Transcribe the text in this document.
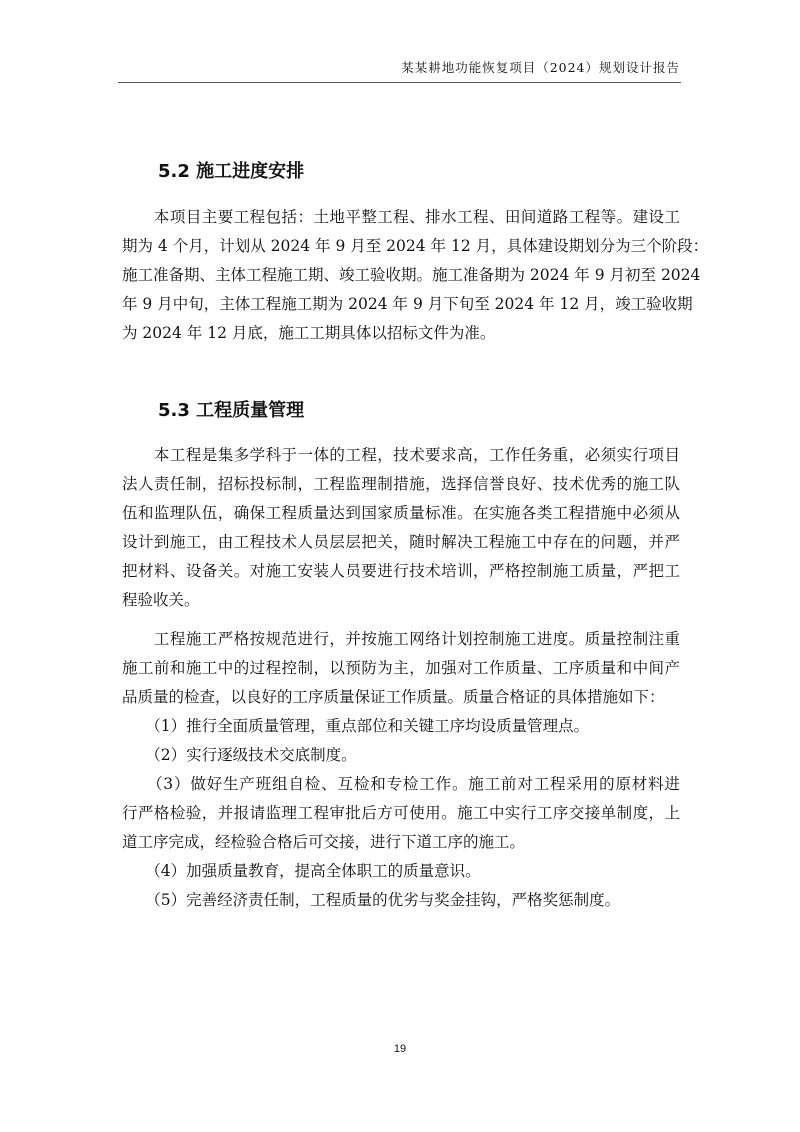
某某耕地功能恢复项目（2024）规划设计报告
5.2 施工进度安排
　　本项目主要工程包括：土地平整工程、排水工程、田间道路工程等。建设工
期为 4 个月，计划从 2024 年 9 月至 2024 年 12 月，具体建设期划分为三个阶段：
施工准备期、主体工程施工期、竣工验收期。施工准备期为 2024 年 9 月初至 2024
年 9 月中旬，主体工程施工期为 2024 年 9 月下旬至 2024 年 12 月，竣工验收期
为 2024 年 12 月底，施工工期具体以招标文件为准。
5.3 工程质量管理
　　本工程是集多学科于一体的工程，技术要求高，工作任务重，必须实行项目
法人责任制，招标投标制，工程监理制措施，选择信誉良好、技术优秀的施工队
伍和监理队伍，确保工程质量达到国家质量标准。在实施各类工程措施中必须从
设计到施工，由工程技术人员层层把关，随时解决工程施工中存在的问题，并严
把材料、设备关。对施工安装人员要进行技术培训，严格控制施工质量，严把工
程验收关。
　　工程施工严格按规范进行，并按施工网络计划控制施工进度。质量控制注重
施工前和施工中的过程控制，以预防为主，加强对工作质量、工序质量和中间产
品质量的检查，以良好的工序质量保证工作质量。质量合格证的具体措施如下：
　　（1）推行全面质量管理，重点部位和关键工序均设质量管理点。
　　（2）实行逐级技术交底制度。
　　（3）做好生产班组自检、互检和专检工作。施工前对工程采用的原材料进
行严格检验，并报请监理工程审批后方可使用。施工中实行工序交接单制度，上
道工序完成，经检验合格后可交接，进行下道工序的施工。
　　（4）加强质量教育，提高全体职工的质量意识。
　　（5）完善经济责任制，工程质量的优劣与奖金挂钩，严格奖惩制度。
19
